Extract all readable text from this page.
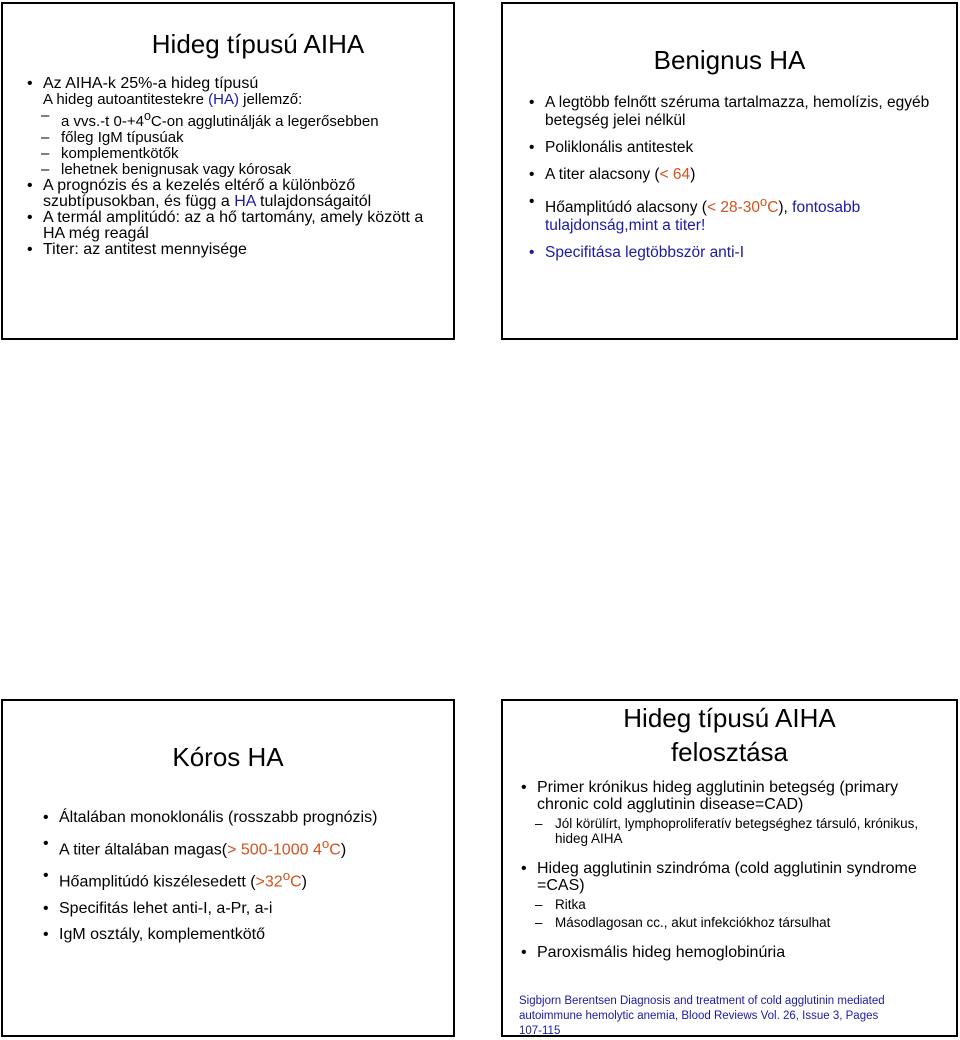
Hideg típusú AIHA
• Az AIHA-k 25%-a hideg típusú
A hideg autoantitestekre (HA) jellemző:
– a vvs.-t $0-+4^oC-on$ agglutinálják a legerősebben
– főleg IgM típusúak
– komplementkötők
– lehetnek benignusak vagy kórosak
• A prognózis és a kezelés eltérő a különböző szubtípusokban, és függ a HA tulajdonságaitól
• A termál amplitúdó: az a hő tartomány, amely között a HA még reagál
• Titer: az antitest mennyisége
Benignus HA
• A legtöbb felnőtt széruma tartalmazza, hemolízis, egyéb betegség jelei nélkül
• Poliklonális antitestek
• A titer alacsony (< 64)
• Hőamplitúdó alacsony (< $28-30^oC$), fontosabb tulajdonság,mint a titer!
• Specifitása legtöbbször anti-I
Kóros HA
• Általában monoklonális (rosszabb prognózis)
• A titer általában magas(> 500-1000 4$^o$C)
• Hőamplitúdó kiszélesedett $(>32^oC)$
• Specifitás lehet anti-I, a-Pr, a-i
• IgM osztály, komplementkötő
Hideg típusú AIHA
felosztása
• Primer krónikus hideg agglutinin betegség (primary chronic cold agglutinin disease=CAD)
– Jól körülírt, lymphoproliferatív betegséghez társuló, krónikus, hideg AIHA
• Hideg agglutinin szindróma (cold agglutinin syndrome =CAS)
– Ritka
– Másodlagosan cc., akut infekciókhoz társulhat
• Paroxismális hideg hemoglobinúria
Sigbjorn Berentsen Diagnosis and treatment of cold agglutinin mediated autoimmune hemolytic anemia, Blood Reviews Vol. 26, Issue 3, Pages 107-115
